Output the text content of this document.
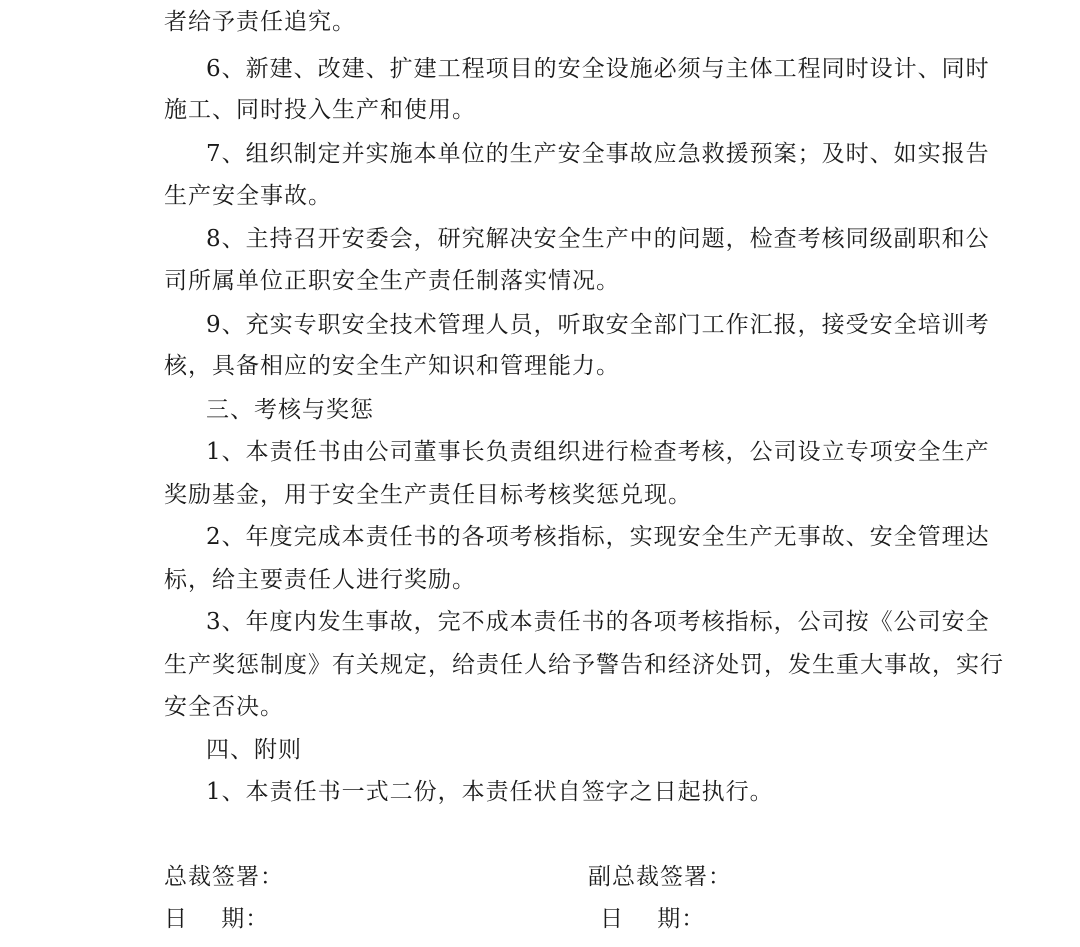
者给予责任追究。
6、新建、改建、扩建工程项目的安全设施必须与主体工程同时设计、同时
施工、同时投入生产和使用。
7、组织制定并实施本单位的生产安全事故应急救援预案；及时、如实报告
生产安全事故。
8、主持召开安委会，研究解决安全生产中的问题，检查考核同级副职和公
司所属单位正职安全生产责任制落实情况。
9、充实专职安全技术管理人员，听取安全部门工作汇报，接受安全培训考
核，具备相应的安全生产知识和管理能力。
三、考核与奖惩
1、本责任书由公司董事长负责组织进行检查考核，公司设立专项安全生产
奖励基金，用于安全生产责任目标考核奖惩兑现。
2、年度完成本责任书的各项考核指标，实现安全生产无事故、安全管理达
标，给主要责任人进行奖励。
3、年度内发生事故，完不成本责任书的各项考核指标，公司按《公司安全
生产奖惩制度》有关规定，给责任人给予警告和经济处罚，发生重大事故，实行
安全否决。
四、附则
1、本责任书一式二份，本责任状自签字之日起执行。
总裁签署：	副总裁签署：
日    期：	日    期：
